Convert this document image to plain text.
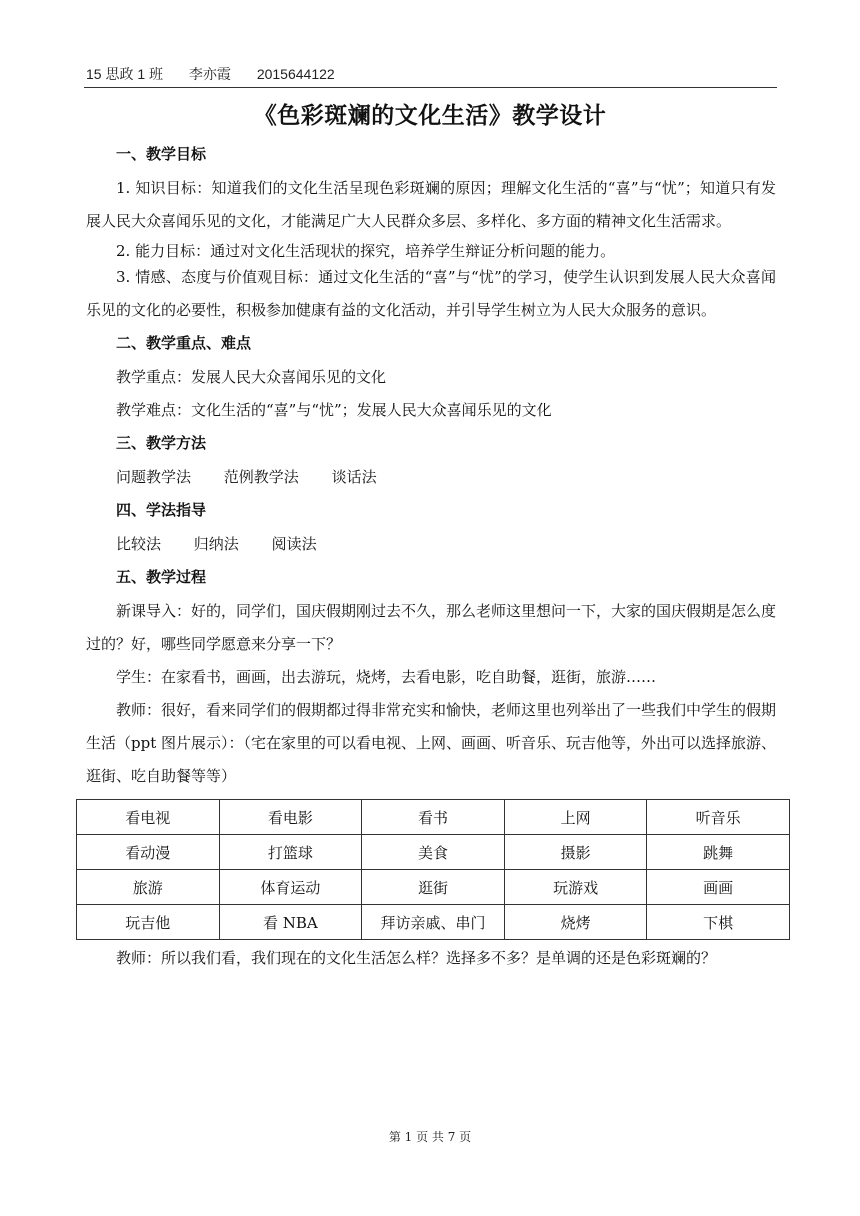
15 思政 1 班 李亦霞 2015644122
《色彩斑斓的文化生活》教学设计
一、教学目标

1. 知识目标：知道我们的文化生活呈现色彩斑斓的原因；理解文化生活的“喜”与“忧”；知道只有发展人民大众喜闻乐见的文化，才能满足广大人民群众多层、多样化、多方面的精神文化生活需求。

2. 能力目标：通过对文化生活现状的探究，培养学生辩证分析问题的能力。

3. 情感、态度与价值观目标：通过文化生活的“喜”与“忧”的学习，使学生认识到发展人民大众喜闻乐见的文化的必要性，积极参加健康有益的文化活动，并引导学生树立为人民大众服务的意识。

二、教学重点、难点

教学重点：发展人民大众喜闻乐见的文化

教学难点：文化生活的“喜”与“忧”；发展人民大众喜闻乐见的文化

三、教学方法

问题教学法 范例教学法 谈话法

四、学法指导

比较法 归纳法 阅读法

五、教学过程

新课导入：好的，同学们，国庆假期刚过去不久，那么老师这里想问一下，大家的国庆假期是怎么度过的？好，哪些同学愿意来分享一下？

学生：在家看书，画画，出去游玩，烧烤，去看电影，吃自助餐，逛街，旅游……

教师：很好，看来同学们的假期都过得非常充实和愉快，老师这里也列举出了一些我们中学生的假期生活（ppt 图片展示）：（宅在家里的可以看电视、上网、画画、听音乐、玩吉他等，外出可以选择旅游、逛街、吃自助餐等等）

看电视	看电影	看书	上网	听音乐
看动漫	打篮球	美食	摄影	跳舞
旅游	体育运动	逛街	玩游戏	画画
玩吉他	看 NBA	拜访亲戚、串门	烧烤	下棋

教师：所以我们看，我们现在的文化生活怎么样？选择多不多？是单调的还是色彩斑斓的？

第 1 页 共 7 页
